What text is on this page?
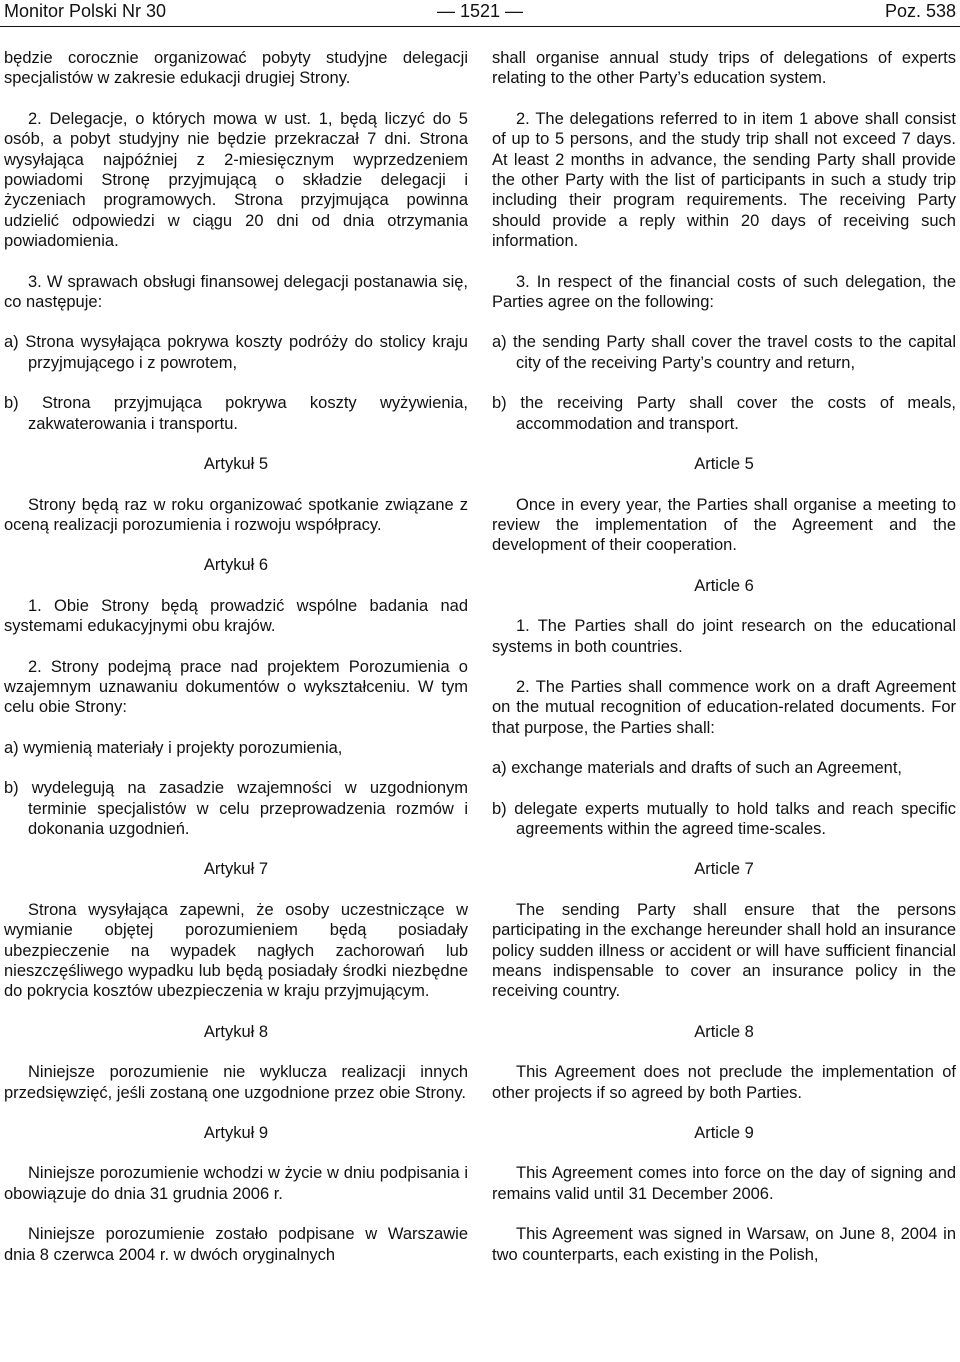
Monitor Polski Nr 30	— 1521 —	Poz. 538

będzie corocznie organizować pobyty studyjne delegacji specjalistów w zakresie edukacji drugiej Strony.

2. Delegacje, o których mowa w ust. 1, będą liczyć do 5 osób, a pobyt studyjny nie będzie przekraczał 7 dni. Strona wysyłająca najpóźniej z 2-miesięcznym wyprzedzeniem powiadomi Stronę przyjmującą o składzie delegacji i życzeniach programowych. Strona przyjmująca powinna udzielić odpowiedzi w ciągu 20 dni od dnia otrzymania powiadomienia.

3. W sprawach obsługi finansowej delegacji postanawia się, co następuje:

a) Strona wysyłająca pokrywa koszty podróży do stolicy kraju przyjmującego i z powrotem,

b) Strona przyjmująca pokrywa koszty wyżywienia, zakwaterowania i transportu.

Artykuł 5

Strony będą raz w roku organizować spotkanie związane z oceną realizacji porozumienia i rozwoju współpracy.

Artykuł 6

1. Obie Strony będą prowadzić wspólne badania nad systemami edukacyjnymi obu krajów.

2. Strony podejmą prace nad projektem Porozumienia o wzajemnym uznawaniu dokumentów o wykształceniu. W tym celu obie Strony:

a) wymienią materiały i projekty porozumienia,

b) wydelegują na zasadzie wzajemności w uzgodnionym terminie specjalistów w celu przeprowadzenia rozmów i dokonania uzgodnień.

Artykuł 7

Strona wysyłająca zapewni, że osoby uczestniczące w wymianie objętej porozumieniem będą posiadały ubezpieczenie na wypadek nagłych zachorowań lub nieszczęśliwego wypadku lub będą posiadały środki niezbędne do pokrycia kosztów ubezpieczenia w kraju przyjmującym.

Artykuł 8

Niniejsze porozumienie nie wyklucza realizacji innych przedsięwzięć, jeśli zostaną one uzgodnione przez obie Strony.

Artykuł 9

Niniejsze porozumienie wchodzi w życie w dniu podpisania i obowiązuje do dnia 31 grudnia 2006 r.

Niniejsze porozumienie zostało podpisane w Warszawie dnia 8 czerwca 2004 r. w dwóch oryginalnych

shall organise annual study trips of delegations of experts relating to the other Party’s education system.

2. The delegations referred to in item 1 above shall consist of up to 5 persons, and the study trip shall not exceed 7 days. At least 2 months in advance, the sending Party shall provide the other Party with the list of participants in such a study trip including their program requirements. The receiving Party should provide a reply within 20 days of receiving such information.

3. In respect of the financial costs of such delegation, the Parties agree on the following:

a) the sending Party shall cover the travel costs to the capital city of the receiving Party’s country and return,

b) the receiving Party shall cover the costs of meals, accommodation and transport.

Article 5

Once in every year, the Parties shall organise a meeting to review the implementation of the Agreement and the development of their cooperation.

Article 6

1. The Parties shall do joint research on the educational systems in both countries.

2. The Parties shall commence work on a draft Agreement on the mutual recognition of education-related documents. For that purpose, the Parties shall:

a) exchange materials and drafts of such an Agreement,

b) delegate experts mutually to hold talks and reach specific agreements within the agreed time-scales.

Article 7

The sending Party shall ensure that the persons participating in the exchange hereunder shall hold an insurance policy sudden illness or accident or will have sufficient financial means indispensable to cover an insurance policy in the receiving country.

Article 8

This Agreement does not preclude the implementation of other projects if so agreed by both Parties.

Article 9

This Agreement comes into force on the day of signing and remains valid until 31 December 2006.

This Agreement was signed in Warsaw, on June 8, 2004 in two counterparts, each existing in the Polish,
